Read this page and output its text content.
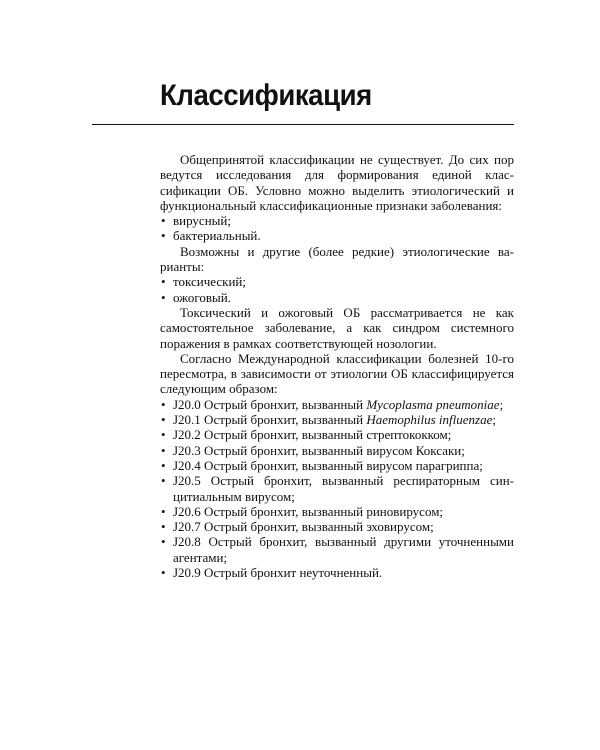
Классификация

Общепринятой классификации не существует. До сих пор ведутся исследования для формирования единой классификации ОБ. Условно можно выделить этиологический и функциональный классификационные признаки заболевания:

• вирусный;
• бактериальный.

Возможны и другие (более редкие) этиологические варианты:

• токсический;
• ожоговый.

Токсический и ожоговый ОБ рассматривается не как самостоятельное заболевание, а как синдром системного поражения в рамках соответствующей нозологии.

Согласно Международной классификации болезней 10-го пересмотра, в зависимости от этиологии ОБ классифицируется следующим образом:

• J20.0 Острый бронхит, вызванный Mycoplasma pneumoniae;
• J20.1 Острый бронхит, вызванный Haemophilus influenzae;
• J20.2 Острый бронхит, вызванный стрептококком;
• J20.3 Острый бронхит, вызванный вирусом Коксаки;
• J20.4 Острый бронхит, вызванный вирусом парагриппа;
• J20.5 Острый бронхит, вызванный респираторным синцитиальным вирусом;
• J20.6 Острый бронхит, вызванный риновирусом;
• J20.7 Острый бронхит, вызванный эховирусом;
• J20.8 Острый бронхит, вызванный другими уточненными агентами;
• J20.9 Острый бронхит неуточненный.
